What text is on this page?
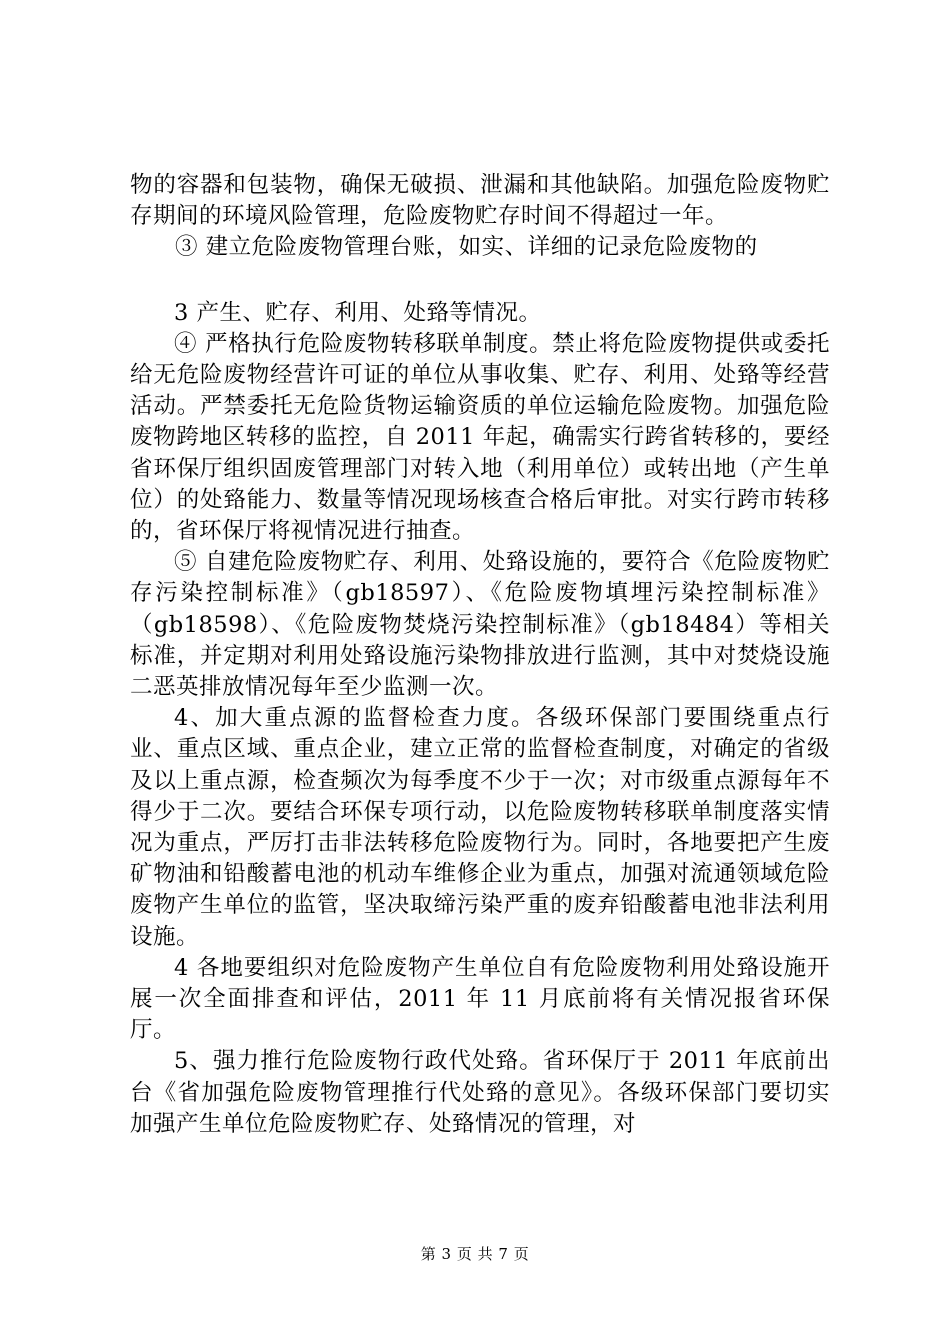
物的容器和包装物，确保无破损、泄漏和其他缺陷。加强危险废物贮存期间的环境风险管理，危险废物贮存时间不得超过一年。

③ 建立危险废物管理台账，如实、详细的记录危险废物的

3 产生、贮存、利用、处臵等情况。

④ 严格执行危险废物转移联单制度。禁止将危险废物提供或委托给无危险废物经营许可证的单位从事收集、贮存、利用、处臵等经营活动。严禁委托无危险货物运输资质的单位运输危险废物。加强危险废物跨地区转移的监控，自 2011 年起，确需实行跨省转移的，要经省环保厅组织固废管理部门对转入地（利用单位）或转出地（产生单位）的处臵能力、数量等情况现场核查合格后审批。对实行跨市转移的，省环保厅将视情况进行抽查。

⑤ 自建危险废物贮存、利用、处臵设施的，要符合《危险废物贮存污染控制标准》（gb18597）、《危险废物填埋污染控制标准》（gb18598）、《危险废物焚烧污染控制标准》（gb18484）等相关标准，并定期对利用处臵设施污染物排放进行监测，其中对焚烧设施二恶英排放情况每年至少监测一次。

4、加大重点源的监督检查力度。各级环保部门要围绕重点行业、重点区域、重点企业，建立正常的监督检查制度，对确定的省级及以上重点源，检查频次为每季度不少于一次；对市级重点源每年不得少于二次。要结合环保专项行动，以危险废物转移联单制度落实情况为重点，严厉打击非法转移危险废物行为。同时，各地要把产生废矿物油和铅酸蓄电池的机动车维修企业为重点，加强对流通领域危险废物产生单位的监管，坚决取缔污染严重的废弃铅酸蓄电池非法利用设施。

4 各地要组织对危险废物产生单位自有危险废物利用处臵设施开展一次全面排查和评估，2011 年 11 月底前将有关情况报省环保厅。

5、强力推行危险废物行政代处臵。省环保厅于 2011 年底前出台《省加强危险废物管理推行代处臵的意见》。各级环保部门要切实加强产生单位危险废物贮存、处臵情况的管理，对

第 3 页 共 7 页
